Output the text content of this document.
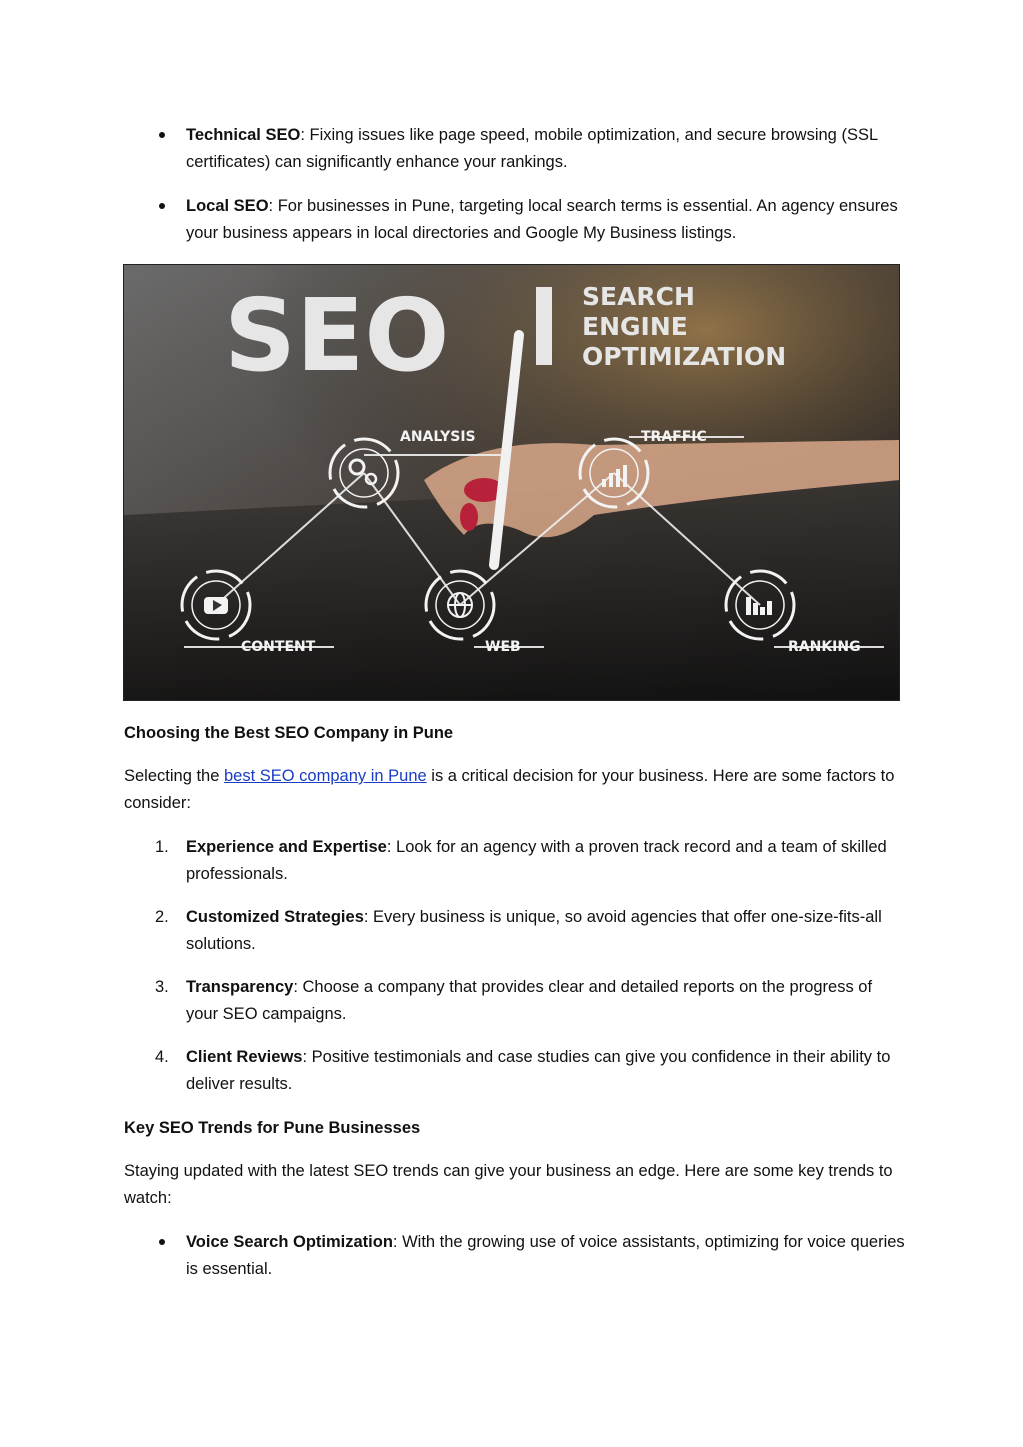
Technical SEO: Fixing issues like page speed, mobile optimization, and secure browsing (SSL certificates) can significantly enhance your rankings.
Local SEO: For businesses in Pune, targeting local search terms is essential. An agency ensures your business appears in local directories and Google My Business listings.
SEO	SEARCH
ENGINE
OPTIMIZATION
ANALYSIS	TRAFFIC
CONTENT	WEB	RANKING
Choosing the Best SEO Company in Pune
Selecting the best SEO company in Pune is a critical decision for your business. Here are some factors to consider:
1.	Experience and Expertise: Look for an agency with a proven track record and a team of skilled professionals.
2.	Customized Strategies: Every business is unique, so avoid agencies that offer one-size-fits-all solutions.
3.	Transparency: Choose a company that provides clear and detailed reports on the progress of your SEO campaigns.
4.	Client Reviews: Positive testimonials and case studies can give you confidence in their ability to deliver results.
Key SEO Trends for Pune Businesses
Staying updated with the latest SEO trends can give your business an edge. Here are some key trends to watch:
Voice Search Optimization: With the growing use of voice assistants, optimizing for voice queries is essential.
